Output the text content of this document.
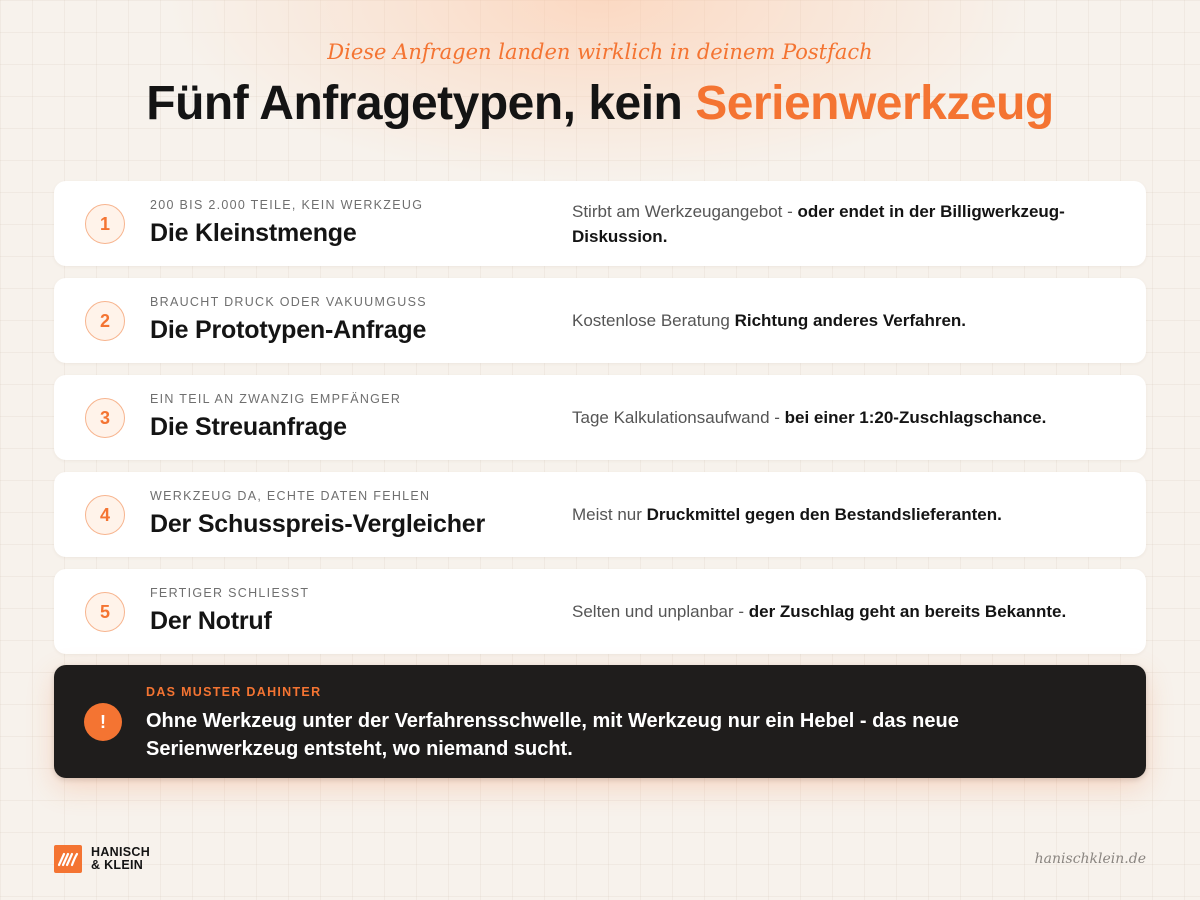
Diese Anfragen landen wirklich in deinem Postfach
Fünf Anfragetypen, kein Serienwerkzeug
1
200 BIS 2.000 TEILE, KEIN WERKZEUG
Die Kleinstmenge
Stirbt am Werkzeugangebot - oder endet in der Billigwerkzeug-Diskussion.
2
BRAUCHT DRUCK ODER VAKUUMGUSS
Die Prototypen-Anfrage	Kostenlose Beratung Richtung anderes Verfahren.
3
EIN TEIL AN ZWANZIG EMPFÄNGER
Die Streuanfrage	Tage Kalkulationsaufwand - bei einer 1:20-Zuschlagschance.
4
WERKZEUG DA, ECHTE DATEN FEHLEN
Der Schusspreis-Vergleicher	Meist nur Druckmittel gegen den Bestandslieferanten.
5
FERTIGER SCHLIESST
Der Notruf	Selten und unplanbar - der Zuschlag geht an bereits Bekannte.
!
DAS MUSTER DAHINTER
Ohne Werkzeug unter der Verfahrensschwelle, mit Werkzeug nur ein Hebel - das neue Serienwerkzeug entsteht, wo niemand sucht.
HANISCH
& KLEIN	hanischklein.de
